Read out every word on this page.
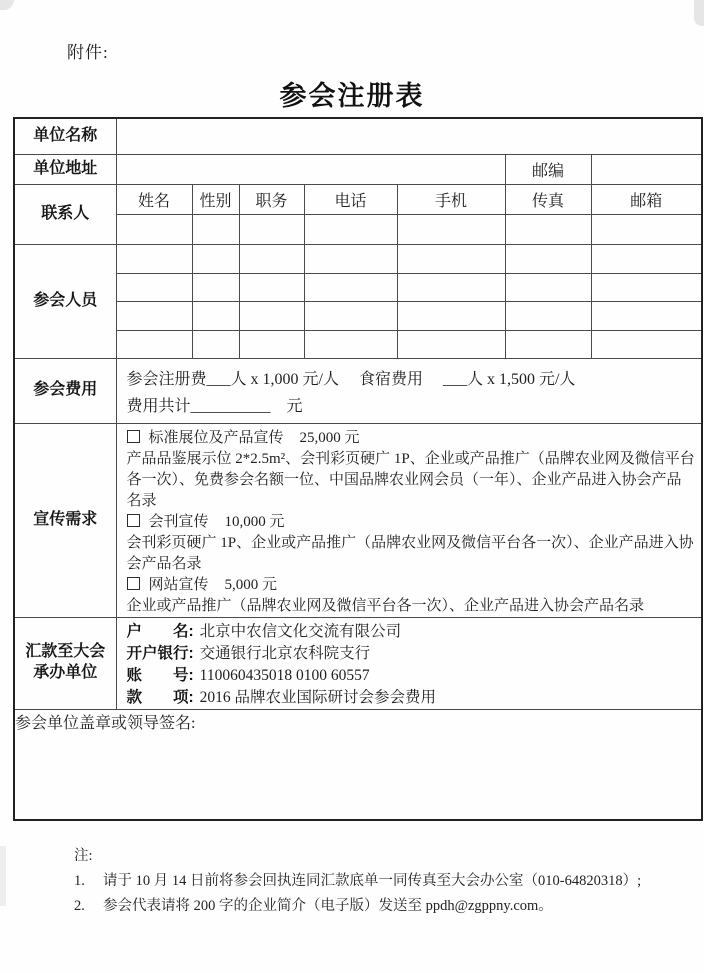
附件:
参会注册表
单位名称							
单位地址						邮编	
联系人	姓名	性别	职务	电话	手机	传真	邮箱

参会人员							

参会费用	参会注册费___人 x 1,000 元/人　 食宿费用　 ___人 x 1,500 元/人
费用共计__________　元						

宣传需求	
标准展位及产品宣传 25,000 元
产品品鉴展示位 2*2.5m²、会刊彩页硬广 1P、企业或产品推广（品牌农业网及微信平台各一次）、免费参会名额一位、中国品牌农业网会员（一年）、企业产品进入协会产品名录
会刊宣传 10,000 元
会刊彩页硬广 1P、企业或产品推广（品牌农业网及微信平台各一次）、企业产品进入协会产品名录
网站宣传 5,000 元
企业或产品推广（品牌农业网及微信平台各一次）、企业产品进入协会产品名录

汇款至大会
承办单位

户　　名: 北京中农信文化交流有限公司
开户银行: 交通银行北京农科院支行
账　　号: 110060435018 0100 60557
款　　项: 2016 品牌农业国际研讨会参会费用

参会单位盖章或领导签名:							
注:
1.	请于 10 月 14 日前将参会回执连同汇款底单一同传真至大会办公室（010-64820318）;
2.	参会代表请将 200 字的企业简介（电子版）发送至 ppdh@zgppny.com。
